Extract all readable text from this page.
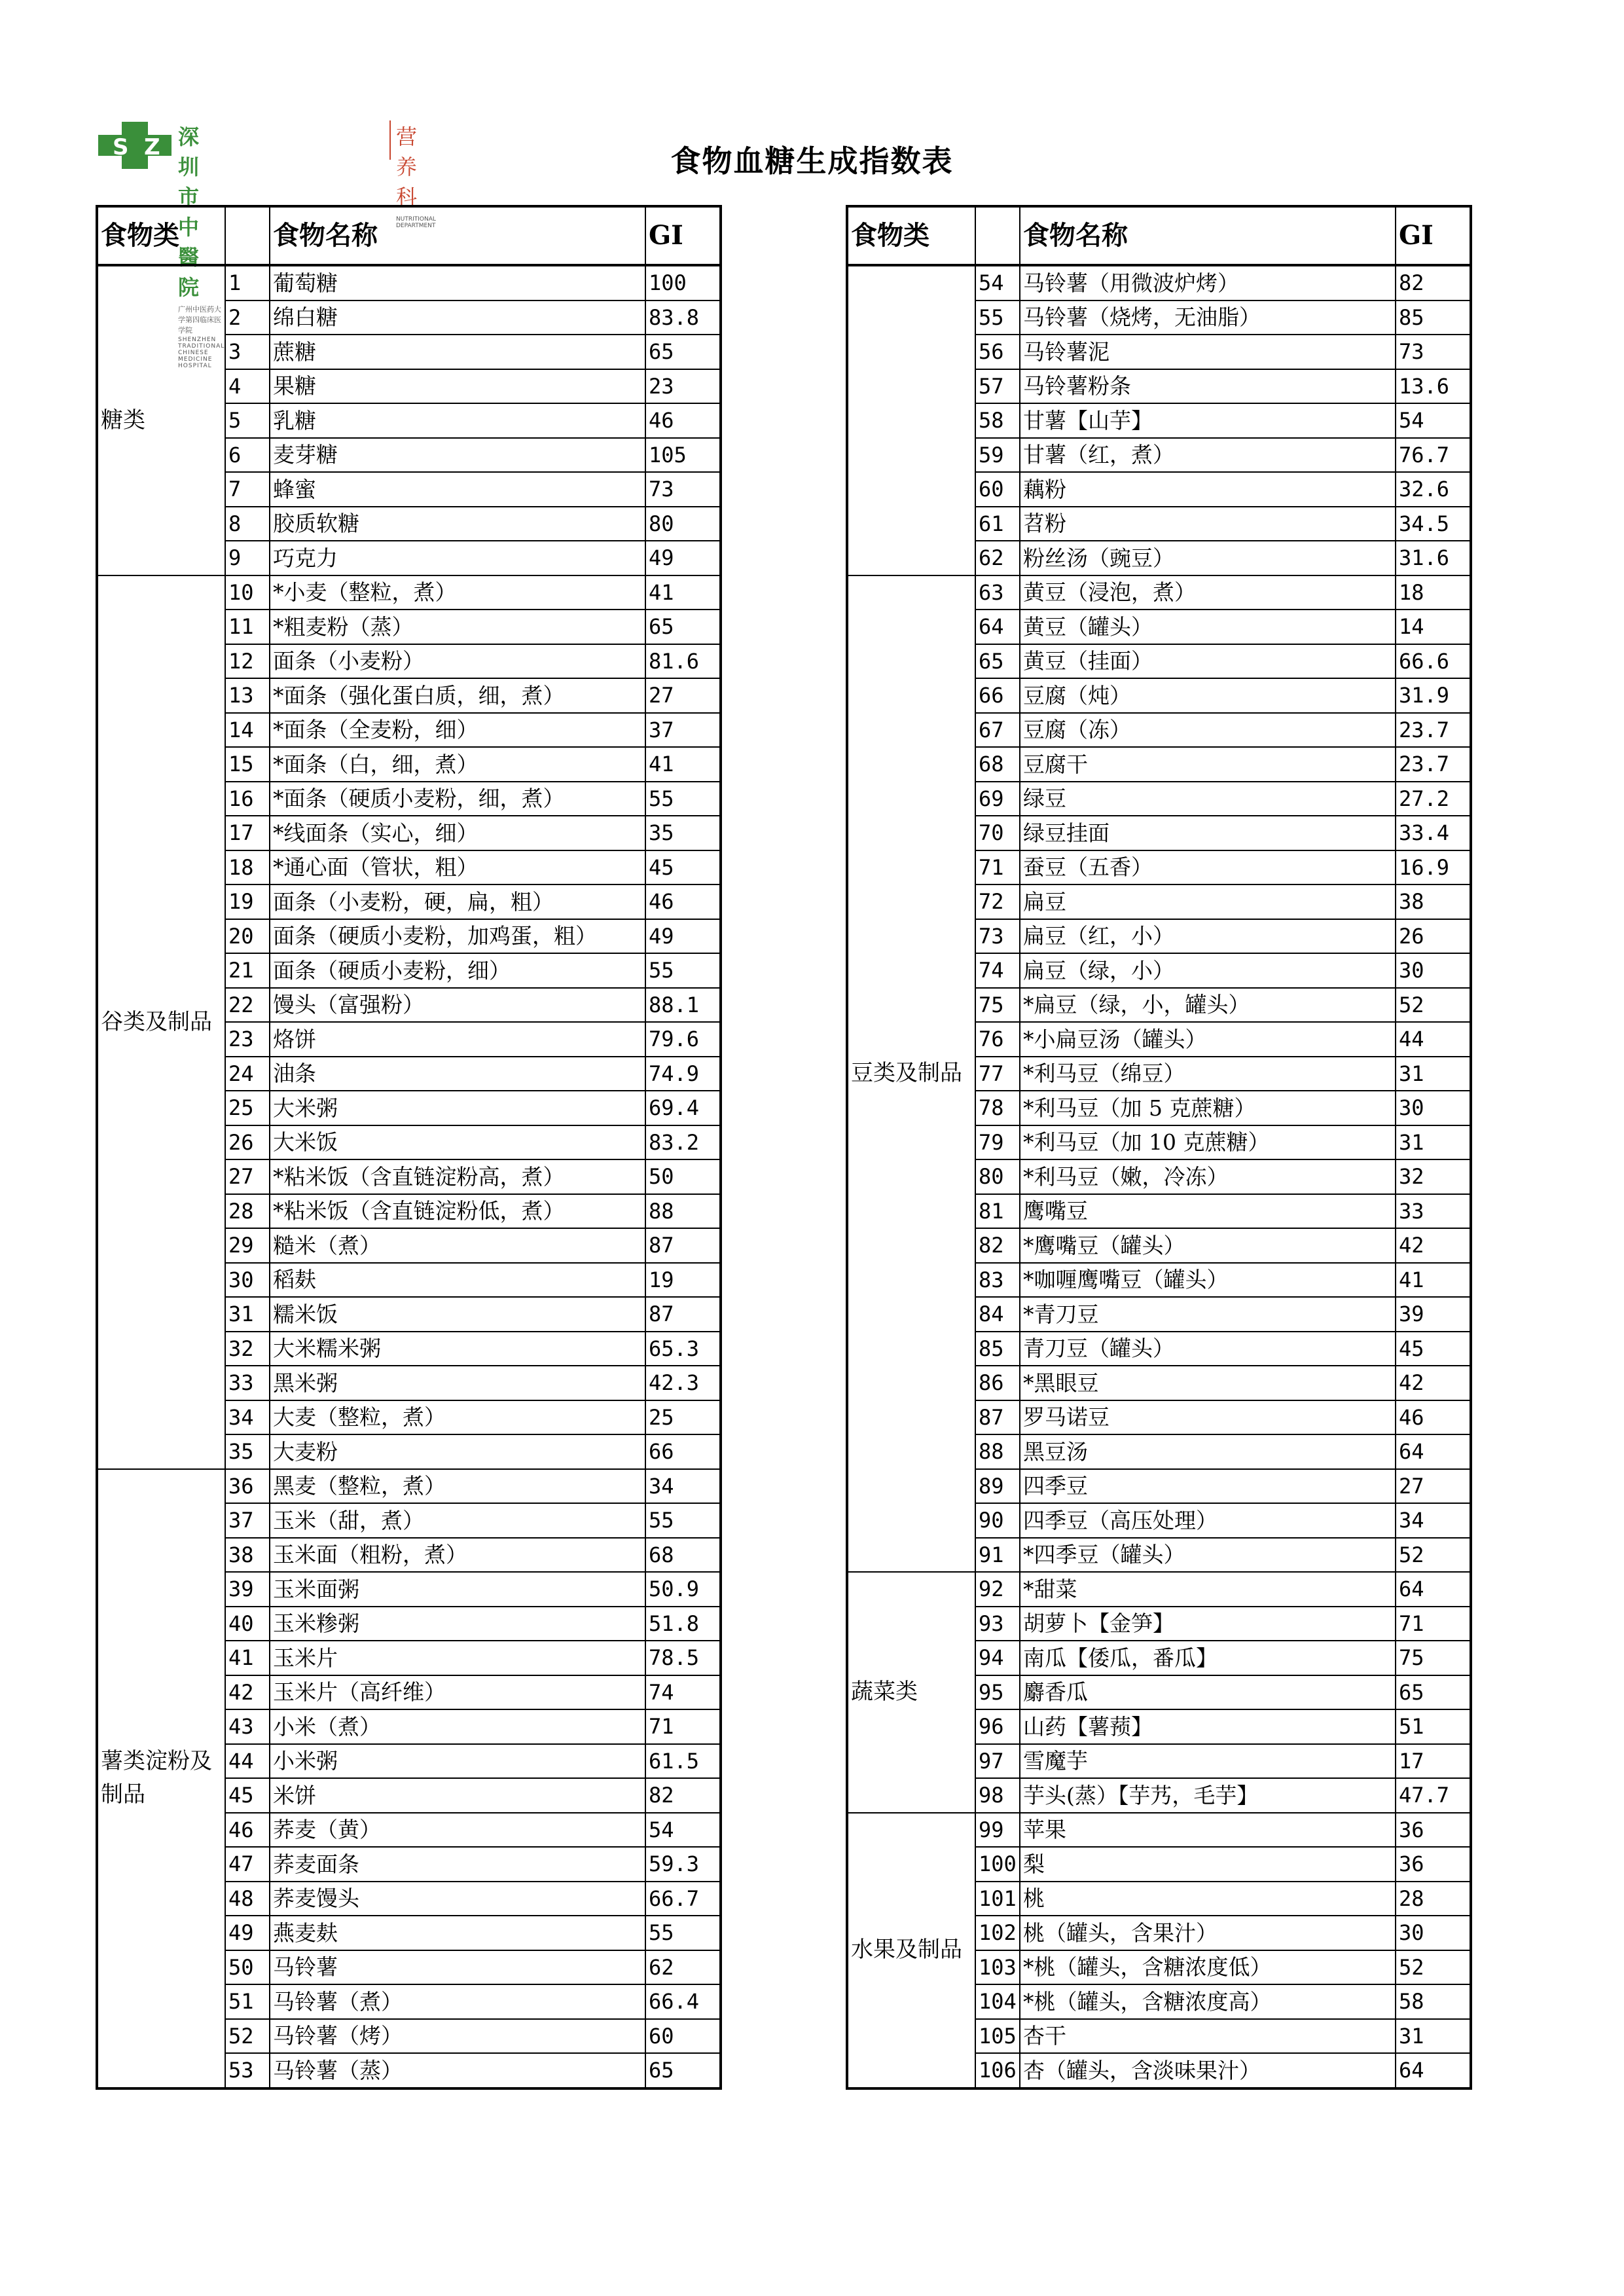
S Z 深圳市中醫院
广州中医药大学第四临床医学院
SHENZHEN TRADITIONAL CHINESE MEDICINE HOSPITAL
营养科
NUTRITIONAL DEPARTMENT
食物血糖生成指数表
食物类		食物名称	GI
糖类	1	葡萄糖	100
	2	绵白糖	83.8
	3	蔗糖	65
	4	果糖	23
	5	乳糖	46
	6	麦芽糖	105
	7	蜂蜜	73
	8	胶质软糖	80
	9	巧克力	49
谷类及制品	10	*小麦（整粒，煮）	41
	11	*粗麦粉（蒸）	65
	12	面条（小麦粉）	81.6
	13	*面条（强化蛋白质，细，煮）	27
	14	*面条（全麦粉，细）	37
	15	*面条（白，细，煮）	41
	16	*面条（硬质小麦粉，细，煮）	55
	17	*线面条（实心，细）	35
	18	*通心面（管状，粗）	45
	19	面条（小麦粉，硬，扁，粗）	46
	20	面条（硬质小麦粉，加鸡蛋，粗）	49
	21	面条（硬质小麦粉，细）	55
	22	馒头（富强粉）	88.1
	23	烙饼	79.6
	24	油条	74.9
	25	大米粥	69.4
	26	大米饭	83.2
	27	*粘米饭（含直链淀粉高，煮）	50
	28	*粘米饭（含直链淀粉低，煮）	88
	29	糙米（煮）	87
	30	稻麸	19
	31	糯米饭	87
	32	大米糯米粥	65.3
	33	黑米粥	42.3
	34	大麦（整粒，煮）	25
	35	大麦粉	66
薯类淀粉及制品	36	黑麦（整粒，煮）	34
	37	玉米（甜，煮）	55
	38	玉米面（粗粉，煮）	68
	39	玉米面粥	50.9
	40	玉米糁粥	51.8
	41	玉米片	78.5
	42	玉米片（高纤维）	74
	43	小米（煮）	71
	44	小米粥	61.5
	45	米饼	82
	46	荞麦（黄）	54
	47	荞麦面条	59.3
	48	荞麦馒头	66.7
	49	燕麦麸	55
	50	马铃薯	62
	51	马铃薯（煮）	66.4
	52	马铃薯（烤）	60
	53	马铃薯（蒸）	65
食物类		食物名称	GI
	54	马铃薯（用微波炉烤）	82
	55	马铃薯（烧烤，无油脂）	85
	56	马铃薯泥	73
	57	马铃薯粉条	13.6
	58	甘薯【山芋】	54
	59	甘薯（红，煮）	76.7
	60	藕粉	32.6
	61	苕粉	34.5
	62	粉丝汤（豌豆）	31.6
豆类及制品	63	黄豆（浸泡，煮）	18
	64	黄豆（罐头）	14
	65	黄豆（挂面）	66.6
	66	豆腐（炖）	31.9
	67	豆腐（冻）	23.7
	68	豆腐干	23.7
	69	绿豆	27.2
	70	绿豆挂面	33.4
	71	蚕豆（五香）	16.9
	72	扁豆	38
	73	扁豆（红，小）	26
	74	扁豆（绿，小）	30
	75	*扁豆（绿，小，罐头）	52
	76	*小扁豆汤（罐头）	44
	77	*利马豆（绵豆）	31
	78	*利马豆（加 5 克蔗糖）	30
	79	*利马豆（加 10 克蔗糖）	31
	80	*利马豆（嫩，冷冻）	32
	81	鹰嘴豆	33
	82	*鹰嘴豆（罐头）	42
	83	*咖喱鹰嘴豆（罐头）	41
	84	*青刀豆	39
	85	青刀豆（罐头）	45
	86	*黑眼豆	42
	87	罗马诺豆	46
	88	黑豆汤	64
	89	四季豆	27
	90	四季豆（高压处理）	34
	91	*四季豆（罐头）	52
蔬菜类	92	*甜菜	64
	93	胡萝卜【金笋】	71
	94	南瓜【倭瓜，番瓜】	75
	95	麝香瓜	65
	96	山药【薯蓣】	51
	97	雪魔芋	17
	98	芋头(蒸）【芋艿，毛芋】	47.7
水果及制品	99	苹果	36
	100	梨	36
	101	桃	28
	102	桃（罐头，含果汁）	30
	103	*桃（罐头，含糖浓度低）	52
	104	*桃（罐头，含糖浓度高）	58
	105	杏干	31
	106	杏（罐头，含淡味果汁）	64
